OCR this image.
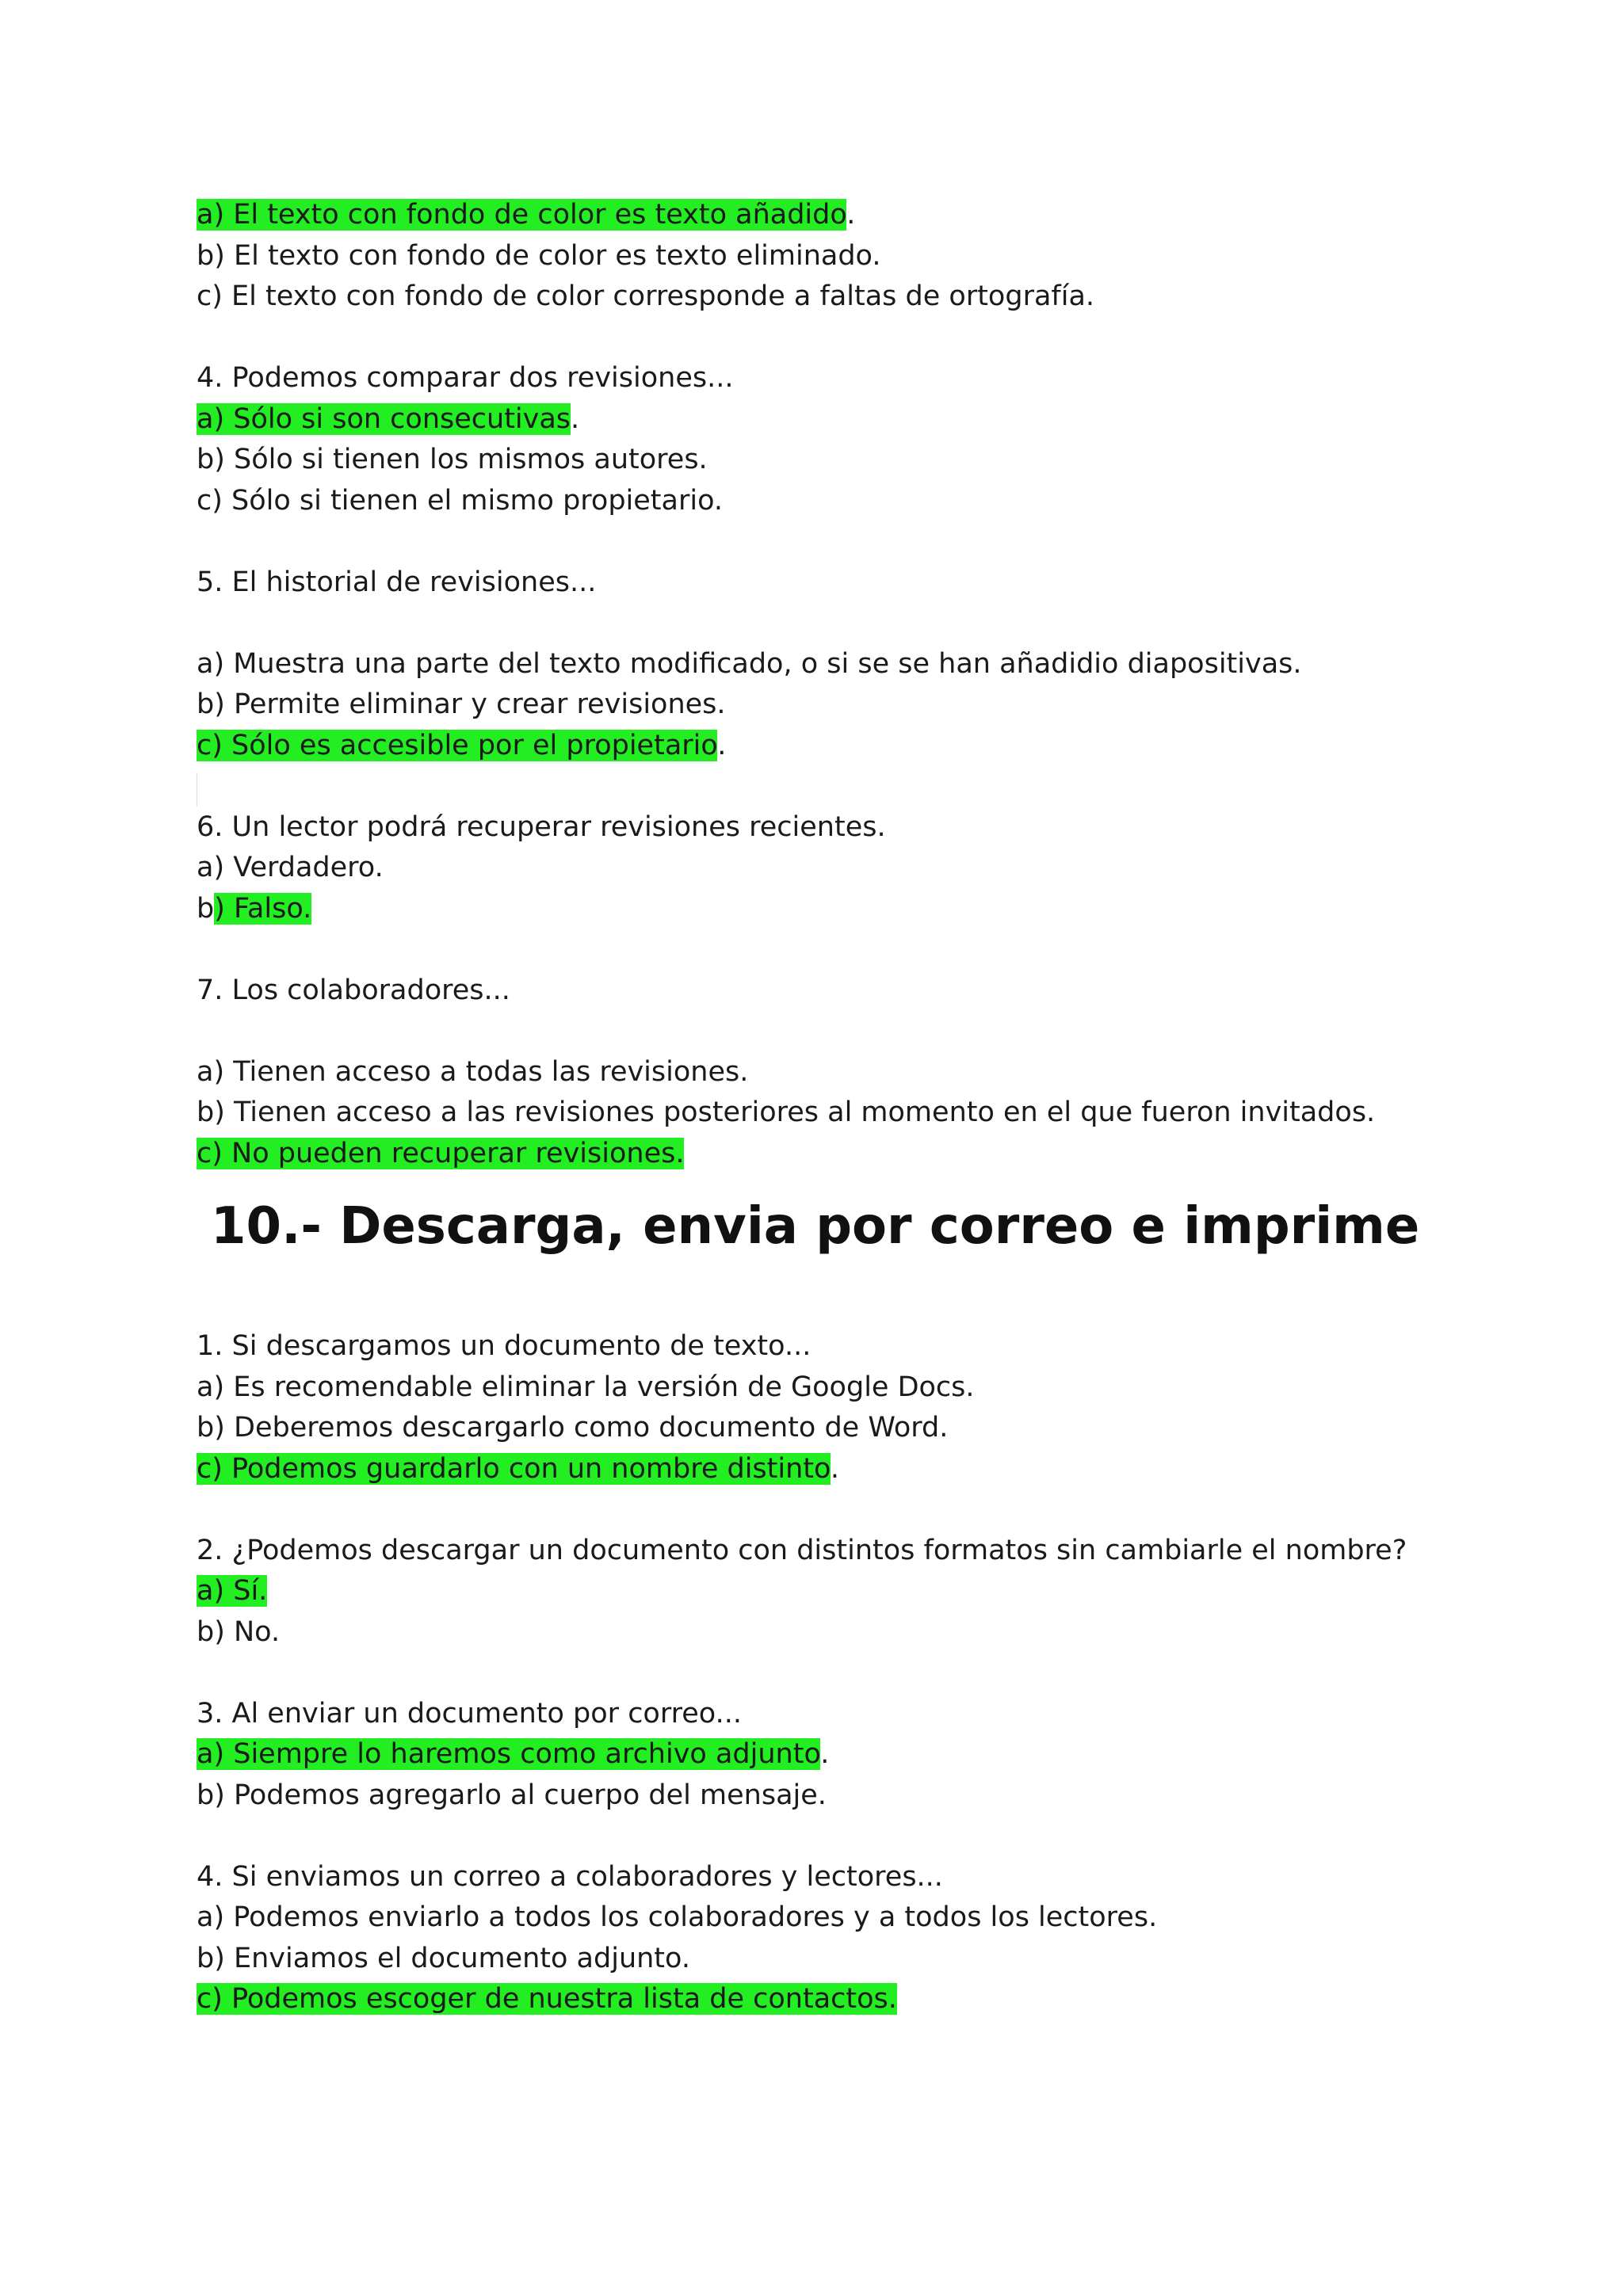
a) El texto con fondo de color es texto añadido.
b) El texto con fondo de color es texto eliminado.
c) El texto con fondo de color corresponde a faltas de ortografía.
4. Podemos comparar dos revisiones...
a) Sólo si son consecutivas.
b) Sólo si tienen los mismos autores.
c) Sólo si tienen el mismo propietario.
5. El historial de revisiones...
a) Muestra una parte del texto modificado, o si se se han añadidio diapositivas.
b) Permite eliminar y crear revisiones.
c) Sólo es accesible por el propietario.
6. Un lector podrá recuperar revisiones recientes.
a) Verdadero.
b) Falso.
7. Los colaboradores...
a) Tienen acceso a todas las revisiones.
b) Tienen acceso a las revisiones posteriores al momento en el que fueron invitados.
c) No pueden recuperar revisiones.
10.- Descarga, envia por correo e imprime
1. Si descargamos un documento de texto...
a) Es recomendable eliminar la versión de Google Docs.
b) Deberemos descargarlo como documento de Word.
c) Podemos guardarlo con un nombre distinto.
2. ¿Podemos descargar un documento con distintos formatos sin cambiarle el nombre?
a) Sí.
b) No.
3. Al enviar un documento por correo...
a) Siempre lo haremos como archivo adjunto.
b) Podemos agregarlo al cuerpo del mensaje.
4. Si enviamos un correo a colaboradores y lectores...
a) Podemos enviarlo a todos los colaboradores y a todos los lectores.
b) Enviamos el documento adjunto.
c) Podemos escoger de nuestra lista de contactos.
